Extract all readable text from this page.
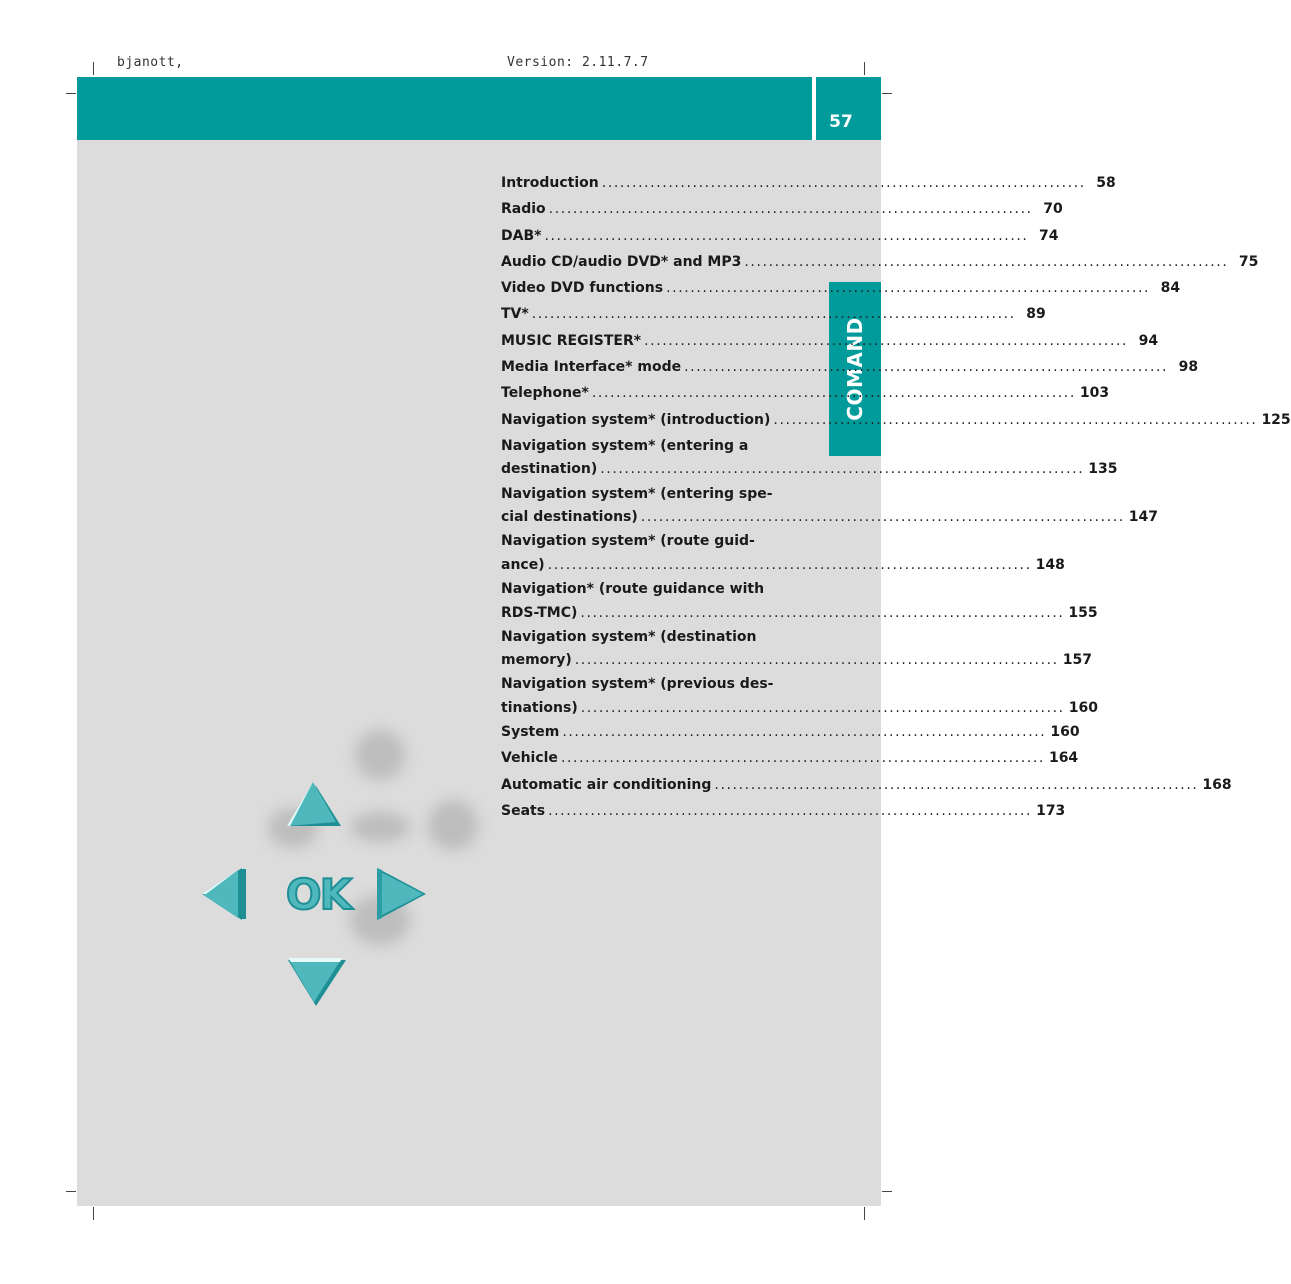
bjanott,	Version: 2.11.7.7
57
COMAND
OK
Introduction ................................................................................ 58
Radio ................................................................................ 70
DAB* ................................................................................ 74
Audio CD/audio DVD* and MP3 ................................................................................ 75
Video DVD functions ................................................................................ 84
TV* ................................................................................ 89
MUSIC REGISTER* ................................................................................ 94
Media Interface* mode ................................................................................ 98
Telephone* ................................................................................ 103
Navigation system* (introduction) ................................................................................ 125
Navigation system* (entering a
destination) ................................................................................ 135
Navigation system* (entering spe-
cial destinations) ................................................................................ 147
Navigation system* (route guid-
ance) ................................................................................ 148
Navigation* (route guidance with
RDS-TMC) ................................................................................ 155
Navigation system* (destination
memory) ................................................................................ 157
Navigation system* (previous des-
tinations) ................................................................................ 160
System ................................................................................ 160
Vehicle ................................................................................ 164
Automatic air conditioning ................................................................................ 168
Seats ................................................................................ 173
